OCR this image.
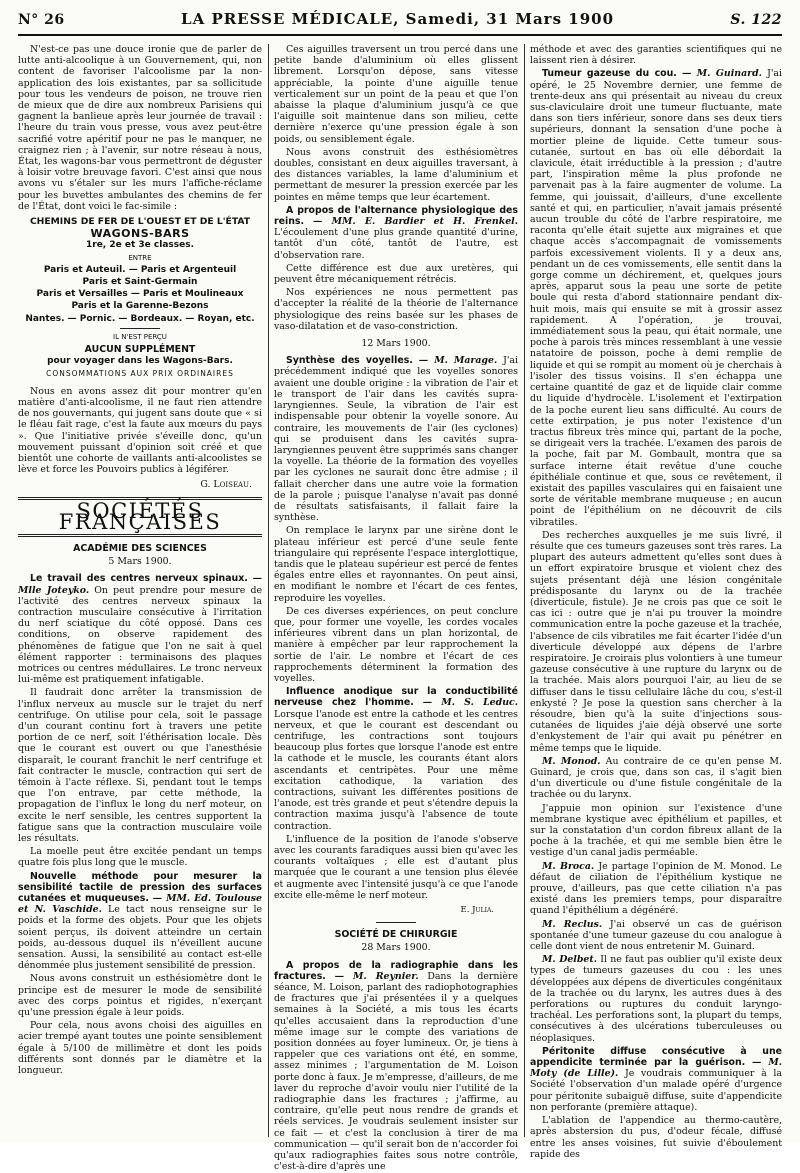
N° 26	LA PRESSE MÉDICALE, Samedi, 31 Mars 1900	S. 122

N'est-ce pas une douce ironie que de parler de lutte anti-alcoolique à un Gouvernement, qui, non content de favoriser l'alcoolisme par la non-application des lois existantes, par sa sollicitude pour tous les vendeurs de poison, ne trouve rien de mieux que de dire aux nombreux Parisiens qui gagnent la banlieue après leur journée de travail : l'heure du train vous presse, vous avez peut-être sacrifié votre apéritif pour ne pas le manquer, ne craignez rien ; à l'avenir, sur notre réseau à nous, État, les wagons-bar vous permettront de déguster à loisir votre breuvage favori. C'est ainsi que nous avons vu s'étaler sur les murs l'affiche-réclame pour les buvettes ambulantes des chemins de fer de l'État, dont voici le fac-simile :

CHEMINS DE FER DE L'OUEST ET DE L'ÉTAT
WAGONS-BARS
1re, 2e et 3e classes.
ENTRE
Paris et Auteuil. — Paris et Argenteuil
Paris et Saint-Germain
Paris et Versailles — Paris et Moulineaux
Paris et la Garenne-Bezons
Nantes. — Pornic. — Bordeaux. — Royan, etc.
IL N'EST PERÇU
AUCUN SUPPLÉMENT
pour voyager dans les Wagons-Bars.
CONSOMMATIONS AUX PRIX ORDINAIRES

Nous en avons assez dit pour montrer qu'en matière d'anti-alcoolisme, il ne faut rien attendre de nos gouvernants, qui jugent sans doute que « si le fléau fait rage, c'est la faute aux mœurs du pays ». Que l'initiative privée s'éveille donc, qu'un mouvement puissant d'opinion soit créé et que bientôt une cohorte de vaillants anti-alcoolistes se lève et force les Pouvoirs publics à légiférer.

G. Loiseau.
SOCIÉTÉS FRANÇAISES
ACADÉMIE DES SCIENCES
5 Mars 1900.

Le travail des centres nerveux spinaux. — Mlle Joteyko. On peut prendre pour mesure de l'activité des centres nerveux spinaux la contraction musculaire consécutive à l'irritation du nerf sciatique du côté opposé. Dans ces conditions, on observe rapidement des phénomènes de fatigue que l'on ne sait à quel élément rapporter : terminaisons des plaques motrices ou centres médullaires. Le tronc nerveux lui-même est pratiquement infatigable.

Il faudrait donc arrêter la transmission de l'influx nerveux au muscle sur le trajet du nerf centrifuge. On utilise pour cela, soit le passage d'un courant continu fort à travers une petite portion de ce nerf, soit l'éthérisation locale. Dès que le courant est ouvert ou que l'anesthésie disparaît, le courant franchit le nerf centrifuge et fait contracter le muscle, contraction qui sert de témoin à l'acte réflexe. Si, pendant tout le temps que l'on entrave, par cette méthode, la propagation de l'influx le long du nerf moteur, on excite le nerf sensible, les centres supportent la fatigue sans que la contraction musculaire voile les résultats.

La moelle peut être excitée pendant un temps quatre fois plus long que le muscle.

Nouvelle méthode pour mesurer la sensibilité tactile de pression des surfaces cutanées et muqueuses. — MM. Ed. Toulouse et N. Vaschide. Le tact nous renseigne sur le poids et la forme des objets. Pour que les objets soient perçus, ils doivent atteindre un certain poids, au-dessous duquel ils n'éveillent aucune sensation. Aussi, la sensibilité au contact est-elle dénommée plus justement sensibilité de pression.

Nous avons construit un esthésiomètre dont le principe est de mesurer le mode de sensibilité avec des corps pointus et rigides, n'exerçant qu'une pression égale à leur poids.

Pour cela, nous avons choisi des aiguilles en acier trempé ayant toutes une pointe sensiblement égale à 5/100 de millimètre et dont les poids différents sont donnés par le diamètre et la longueur.

Ces aiguilles traversent un trou percé dans une petite bande d'aluminium où elles glissent librement. Lorsqu'on dépose, sans vitesse appréciable, la pointe d'une aiguille tenue verticalement sur un point de la peau et que l'on abaisse la plaque d'aluminium jusqu'à ce que l'aiguille soit maintenue dans son milieu, cette dernière n'exerce qu'une pression égale à son poids, ou sensiblement égale.

Nous avons construit des esthésiomètres doubles, consistant en deux aiguilles traversant, à des distances variables, la lame d'aluminium et permettant de mesurer la pression exercée par les pointes en même temps que leur écartement.

A propos de l'alternance physiologique des reins. — MM. E. Bardier et H. Frenkel. L'écoulement d'une plus grande quantité d'urine, tantôt d'un côté, tantôt de l'autre, est d'observation rare.

Cette différence est due aux uretères, qui peuvent être mécaniquement rétrécis.

Nos expériences ne nous permettent pas d'accepter la réalité de la théorie de l'alternance physiologique des reins basée sur les phases de vaso-dilatation et de vaso-constriction.

12 Mars 1900.

Synthèse des voyelles. — M. Marage. J'ai précédemment indiqué que les voyelles sonores avaient une double origine : la vibration de l'air et le transport de l'air dans les cavités supra-laryngiennes. Seule, la vibration de l'air est indispensable pour obtenir la voyelle sonore. Au contraire, les mouvements de l'air (les cyclones) qui se produisent dans les cavités supra-laryngiennes peuvent être supprimés sans changer la voyelle. La théorie de la formation des voyelles par les cyclones ne saurait donc être admise ; il fallait chercher dans une autre voie la formation de la parole ; puisque l'analyse n'avait pas donné de résultats satisfaisants, il fallait faire la synthèse.

On remplace le larynx par une sirène dont le plateau inférieur est percé d'une seule fente triangulaire qui représente l'espace interglottique, tandis que le plateau supérieur est percé de fentes égales entre elles et rayonnantes. On peut ainsi, en modifiant le nombre et l'écart de ces fentes, reproduire les voyelles.

De ces diverses expériences, on peut conclure que, pour former une voyelle, les cordes vocales inférieures vibrent dans un plan horizontal, de manière à empêcher par leur rapprochement la sortie de l'air. Le nombre et l'écart de ces rapprochements déterminent la formation des voyelles.

Influence anodique sur la conductibilité nerveuse chez l'homme. — M. S. Leduc. Lorsque l'anode est entre la cathode et les centres nerveux, et que le courant est descendant ou centrifuge, les contractions sont toujours beaucoup plus fortes que lorsque l'anode est entre la cathode et le muscle, les courants étant alors ascendants et centripètes. Pour une même excitation cathodique, la variation des contractions, suivant les différentes positions de l'anode, est très grande et peut s'étendre depuis la contraction maxima jusqu'à l'absence de toute contraction.

L'influence de la position de l'anode s'observe avec les courants faradiques aussi bien qu'avec les courants voltaïques ; elle est d'autant plus marquée que le courant a une tension plus élevée et augmente avec l'intensité jusqu'à ce que l'anode excite elle-même le nerf moteur.

E. Julia.
SOCIÉTÉ DE CHIRURGIE
28 Mars 1900.

A propos de la radiographie dans les fractures. — M. Reynier. Dans la dernière séance, M. Loison, parlant des radiophotographies de fractures que j'ai présentées il y a quelques semaines à la Société, a mis tous les écarts qu'elles accusaient dans la reproduction d'une même image sur le compte des variations de position données au foyer lumineux. Or, je tiens à rappeler que ces variations ont été, en somme, assez minimes ; l'argumentation de M. Loison porte donc à faux. Je m'empresse, d'ailleurs, de me laver du reproche d'avoir voulu nier l'utilité de la radiographie dans les fractures ; j'affirme, au contraire, qu'elle peut nous rendre de grands et réels services. Je voudrais seulement insister sur ce fait — et c'est la conclusion à tirer de ma communication — qu'il serait bon de n'accorder foi qu'aux radiographies faites sous notre contrôle, c'est-à-dire d'après une

méthode et avec des garanties scientifiques qui ne laissent rien à désirer.

Tumeur gazeuse du cou. — M. Guinard. J'ai opéré, le 25 Novembre dernier, une femme de trente-deux ans qui présentait au niveau du creux sus-claviculaire droit une tumeur fluctuante, mate dans son tiers inférieur, sonore dans ses deux tiers supérieurs, donnant la sensation d'une poche à mortier pleine de liquide. Cette tumeur sous-cutanée, surtout en bas où elle débordait la clavicule, était irréductible à la pression ; d'autre part, l'inspiration même la plus profonde ne parvenait pas à la faire augmenter de volume. La femme, qui jouissait, d'ailleurs, d'une excellente santé et qui, en particulier, n'avait jamais présenté aucun trouble du côté de l'arbre respiratoire, me raconta qu'elle était sujette aux migraines et que chaque accès s'accompagnait de vomissements parfois excessivement violents. Il y a deux ans, pendant un de ces vomissements, elle sentit dans la gorge comme un déchirement, et, quelques jours après, apparut sous la peau une sorte de petite boule qui resta d'abord stationnaire pendant dix-huit mois, mais qui ensuite se mit à grossir assez rapidement. A l'opération, je trouvai, immédiatement sous la peau, qui était normale, une poche à parois très minces ressemblant à une vessie natatoire de poisson, poche à demi remplie de liquide et qui se rompit au moment où je cherchais à l'isoler des tissus voisins. Il s'en échappa une certaine quantité de gaz et de liquide clair comme du liquide d'hydrocèle. L'isolement et l'extirpation de la poche eurent lieu sans difficulté. Au cours de cette extirpation, je pus noter l'existence d'un tractus fibreux très mince qui, partant de la poche, se dirigeait vers la trachée. L'examen des parois de la poche, fait par M. Gombault, montra que sa surface interne était revêtue d'une couche épithéliale continue et que, sous ce revêtement, il existait des papilles vasculaires qui en faisaient une sorte de véritable membrane muqueuse ; en aucun point de l'épithélium on ne découvrit de cils vibratiles.

Des recherches auxquelles je me suis livré, il résulte que ces tumeurs gazeuses sont très rares. La plupart des auteurs admettent qu'elles sont dues à un effort expiratoire brusque et violent chez des sujets présentant déjà une lésion congénitale prédisposante du larynx ou de la trachée (diverticule, fistule). Je ne crois pas que ce soit le cas ici : outre que je n'ai pu trouver la moindre communication entre la poche gazeuse et la trachée, l'absence de cils vibratiles me fait écarter l'idée d'un diverticule développé aux dépens de l'arbre respiratoire. Je croirais plus volontiers à une tumeur gazeuse consécutive à une rupture du larynx ou de la trachée. Mais alors pourquoi l'air, au lieu de se diffuser dans le tissu cellulaire lâche du cou, s'est-il enkysté ? Je pose la question sans chercher à la résoudre, bien qu'à la suite d'injections sous-cutanées de liquides j'aie déjà observé une sorte d'enkystement de l'air qui avait pu pénétrer en même temps que le liquide.

M. Monod. Au contraire de ce qu'en pense M. Guinard, je crois que, dans son cas, il s'agit bien d'un diverticule ou d'une fistule congénitale de la trachée ou du larynx.

J'appuie mon opinion sur l'existence d'une membrane kystique avec épithélium et papilles, et sur la constatation d'un cordon fibreux allant de la poche à la trachée, et qui me semble bien être le vestige d'un canal jadis perméable.

M. Broca. Je partage l'opinion de M. Monod. Le défaut de ciliation de l'épithélium kystique ne prouve, d'ailleurs, pas que cette ciliation n'a pas existé dans les premiers temps, pour disparaître quand l'épithélium a dégénéré.

M. Reclus. J'ai observé un cas de guérison spontanée d'une tumeur gazeuse du cou analogue à celle dont vient de nous entretenir M. Guinard.

M. Delbet. Il ne faut pas oublier qu'il existe deux types de tumeurs gazeuses du cou : les unes développées aux dépens de diverticules congénitaux de la trachée ou du larynx, les autres dues à des perforations ou ruptures du conduit laryngo-trachéal. Les perforations sont, la plupart du temps, consécutives à des ulcérations tuberculeuses ou néoplasiques.

Péritonite diffuse consécutive à une appendicite terminée par la guérison. — M. Moty (de Lille). Je voudrais communiquer à la Société l'observation d'un malade opéré d'urgence pour péritonite subaiguë diffuse, suite d'appendicite non perforante (première attaque).

L'ablation de l'appendice au thermo-cautère, après abstersion du pus, d'odeur fécale, diffusé entre les anses voisines, fut suivie d'éboulement rapide des
